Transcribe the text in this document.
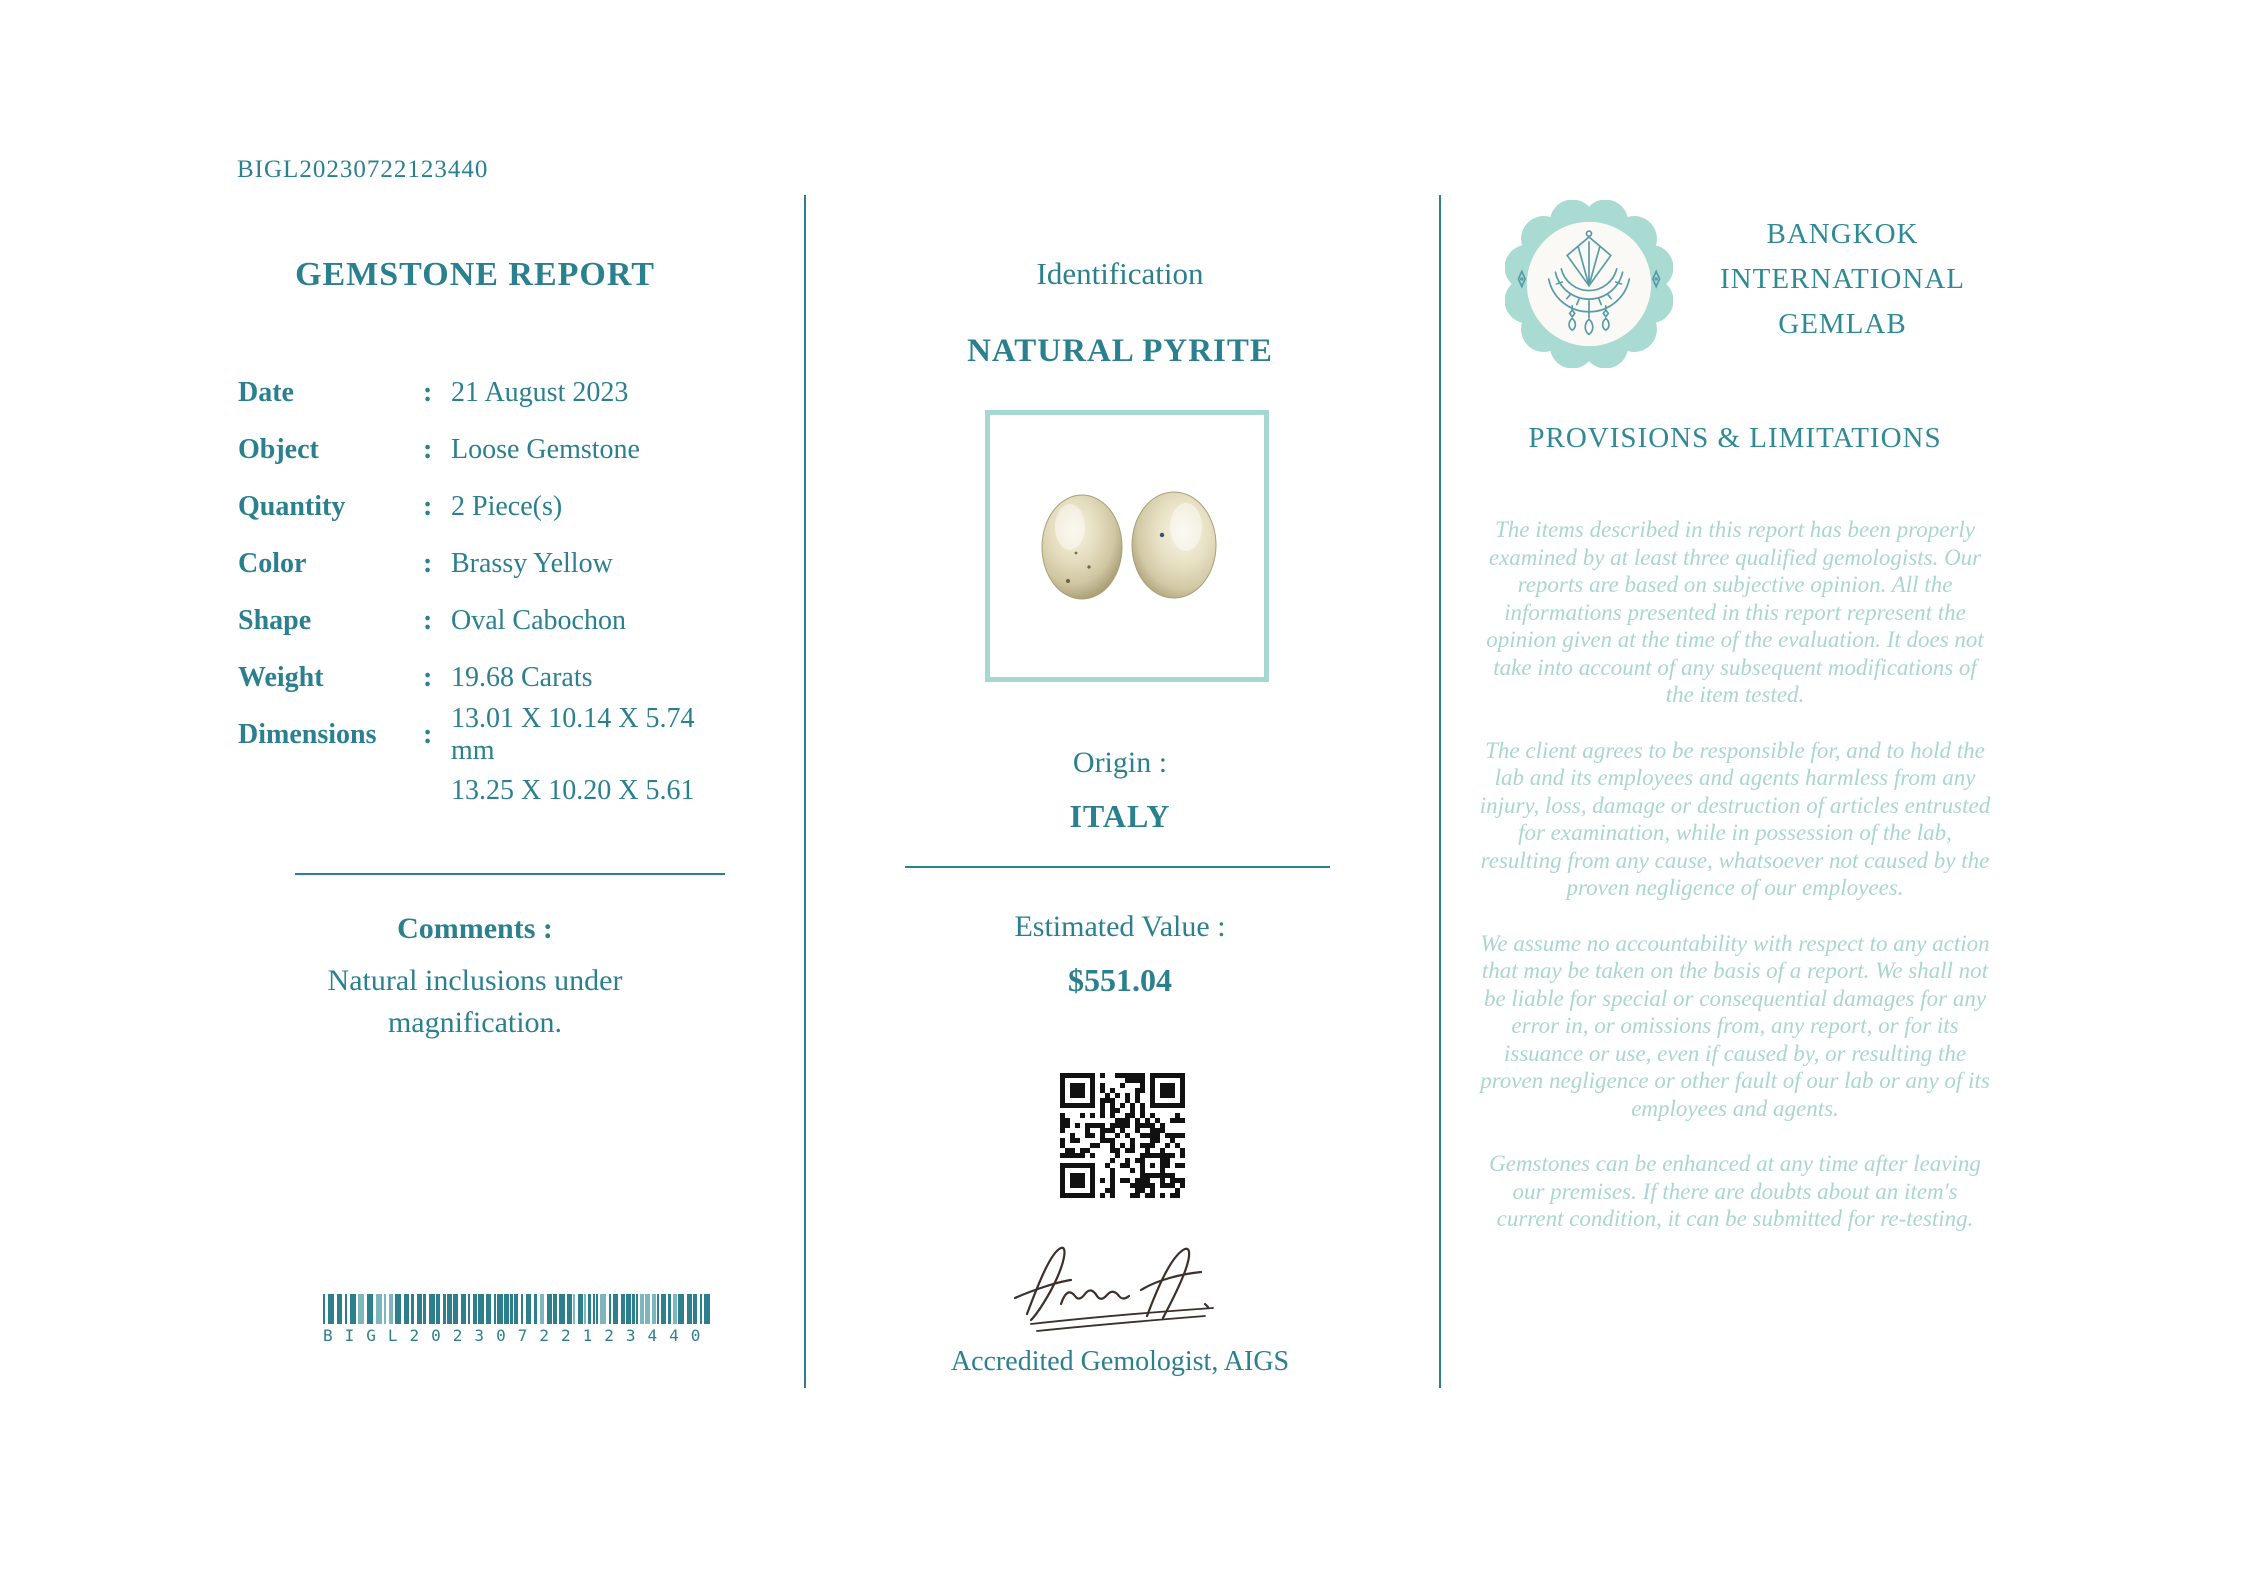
BIGL20230722123440
GEMSTONE REPORT
Date	: 21 August 2023
Object	: Loose Gemstone
Quantity	: 2 Piece(s)
Color	: Brassy Yellow
Shape	: Oval Cabochon
Weight	: 19.68 Carats
Dimensions	:
13.01 X 10.14 X 5.74 mm
13.25 X 10.20 X 5.61
Comments :
Natural inclusions under magnification.
BIGL20230722123440
Identification
NATURAL PYRITE
Origin :
ITALY
Estimated Value :
$551.04
Accredited Gemologist, AIGS
BANGKOK
INTERNATIONAL
GEMLAB
PROVISIONS & LIMITATIONS

The items described in this report has been properly examined by at least three qualified gemologists. Our reports are based on subjective opinion. All the informations presented in this report represent the opinion given at the time of the evaluation. It does not take into account of any subsequent modifications of the item tested.

The client agrees to be responsible for, and to hold the lab and its employees and agents harmless from any injury, loss, damage or destruction of articles entrusted for examination, while in possession of the lab, resulting from any cause, whatsoever not caused by the proven negligence of our employees.

We assume no accountability with respect to any action that may be taken on the basis of a report. We shall not be liable for special or consequential damages for any error in, or omissions from, any report, or for its issuance or use, even if caused by, or resulting the proven negligence or other fault of our lab or any of its employees and agents.

Gemstones can be enhanced at any time after leaving our premises. If there are doubts about an item's current condition, it can be submitted for re-testing.
